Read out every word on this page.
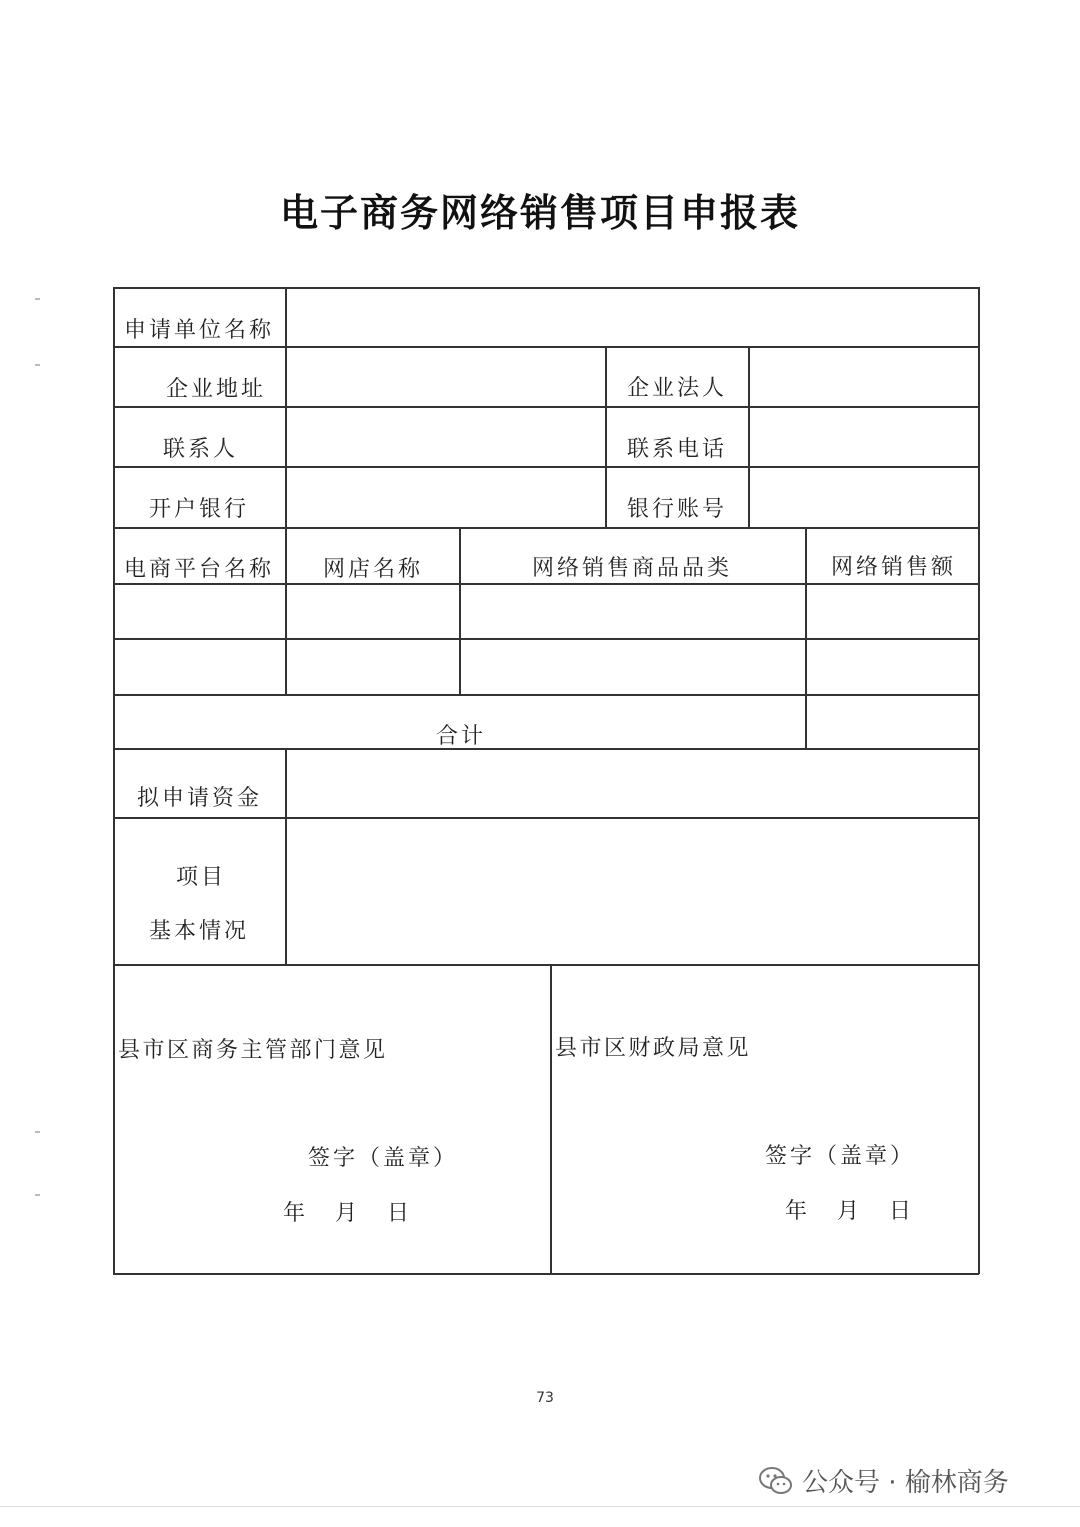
电子商务网络销售项目申报表
申请单位名称
企业地址	企业法人
联系人	联系电话
开户银行	银行账号
电商平台名称 网店名称	网络销售商品品类	网络销售额
合计
拟申请资金
项目
基本情况
县市区商务主管部门意见
签字（盖章）
年　月　日
县市区财政局意见
签字（盖章）
年　月　日
73
公众号 · 榆林商务
